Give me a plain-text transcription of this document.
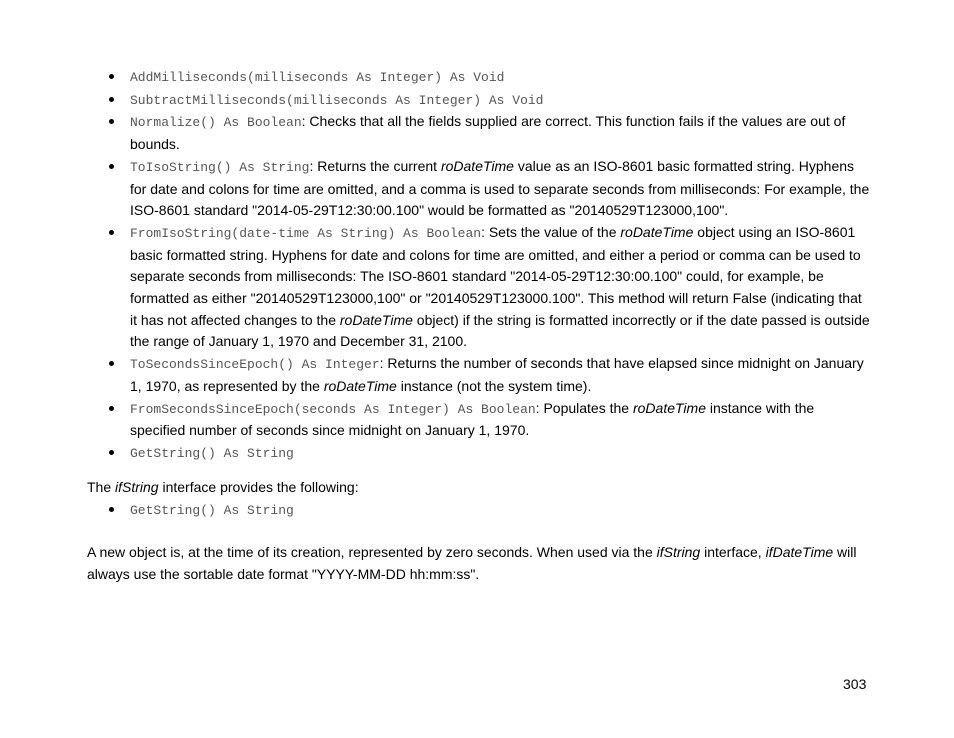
AddMilliseconds(milliseconds As Integer) As Void
SubtractMilliseconds(milliseconds As Integer) As Void
Normalize() As Boolean: Checks that all the fields supplied are correct. This function fails if the values are out of bounds.
ToIsoString() As String: Returns the current roDateTime value as an ISO-8601 basic formatted string. Hyphens for date and colons for time are omitted, and a comma is used to separate seconds from milliseconds: For example, the ISO-8601 standard "2014-05-29T12:30:00.100" would be formatted as "20140529T123000,100".
FromIsoString(date-time As String) As Boolean: Sets the value of the roDateTime object using an ISO-8601 basic formatted string. Hyphens for date and colons for time are omitted, and either a period or comma can be used to separate seconds from milliseconds: The ISO-8601 standard "2014-05-29T12:30:00.100" could, for example, be formatted as either "20140529T123000,100" or "20140529T123000.100". This method will return False (indicating that it has not affected changes to the roDateTime object) if the string is formatted incorrectly or if the date passed is outside the range of January 1, 1970 and December 31, 2100.
ToSecondsSinceEpoch() As Integer: Returns the number of seconds that have elapsed since midnight on January 1, 1970, as represented by the roDateTime instance (not the system time).
FromSecondsSinceEpoch(seconds As Integer) As Boolean: Populates the roDateTime instance with the specified number of seconds since midnight on January 1, 1970.
GetString() As String

The ifString interface provides the following:

GetString() As String

A new object is, at the time of its creation, represented by zero seconds. When used via the ifString interface, ifDateTime will always use the sortable date format "YYYY-MM-DD hh:mm:ss".

303
